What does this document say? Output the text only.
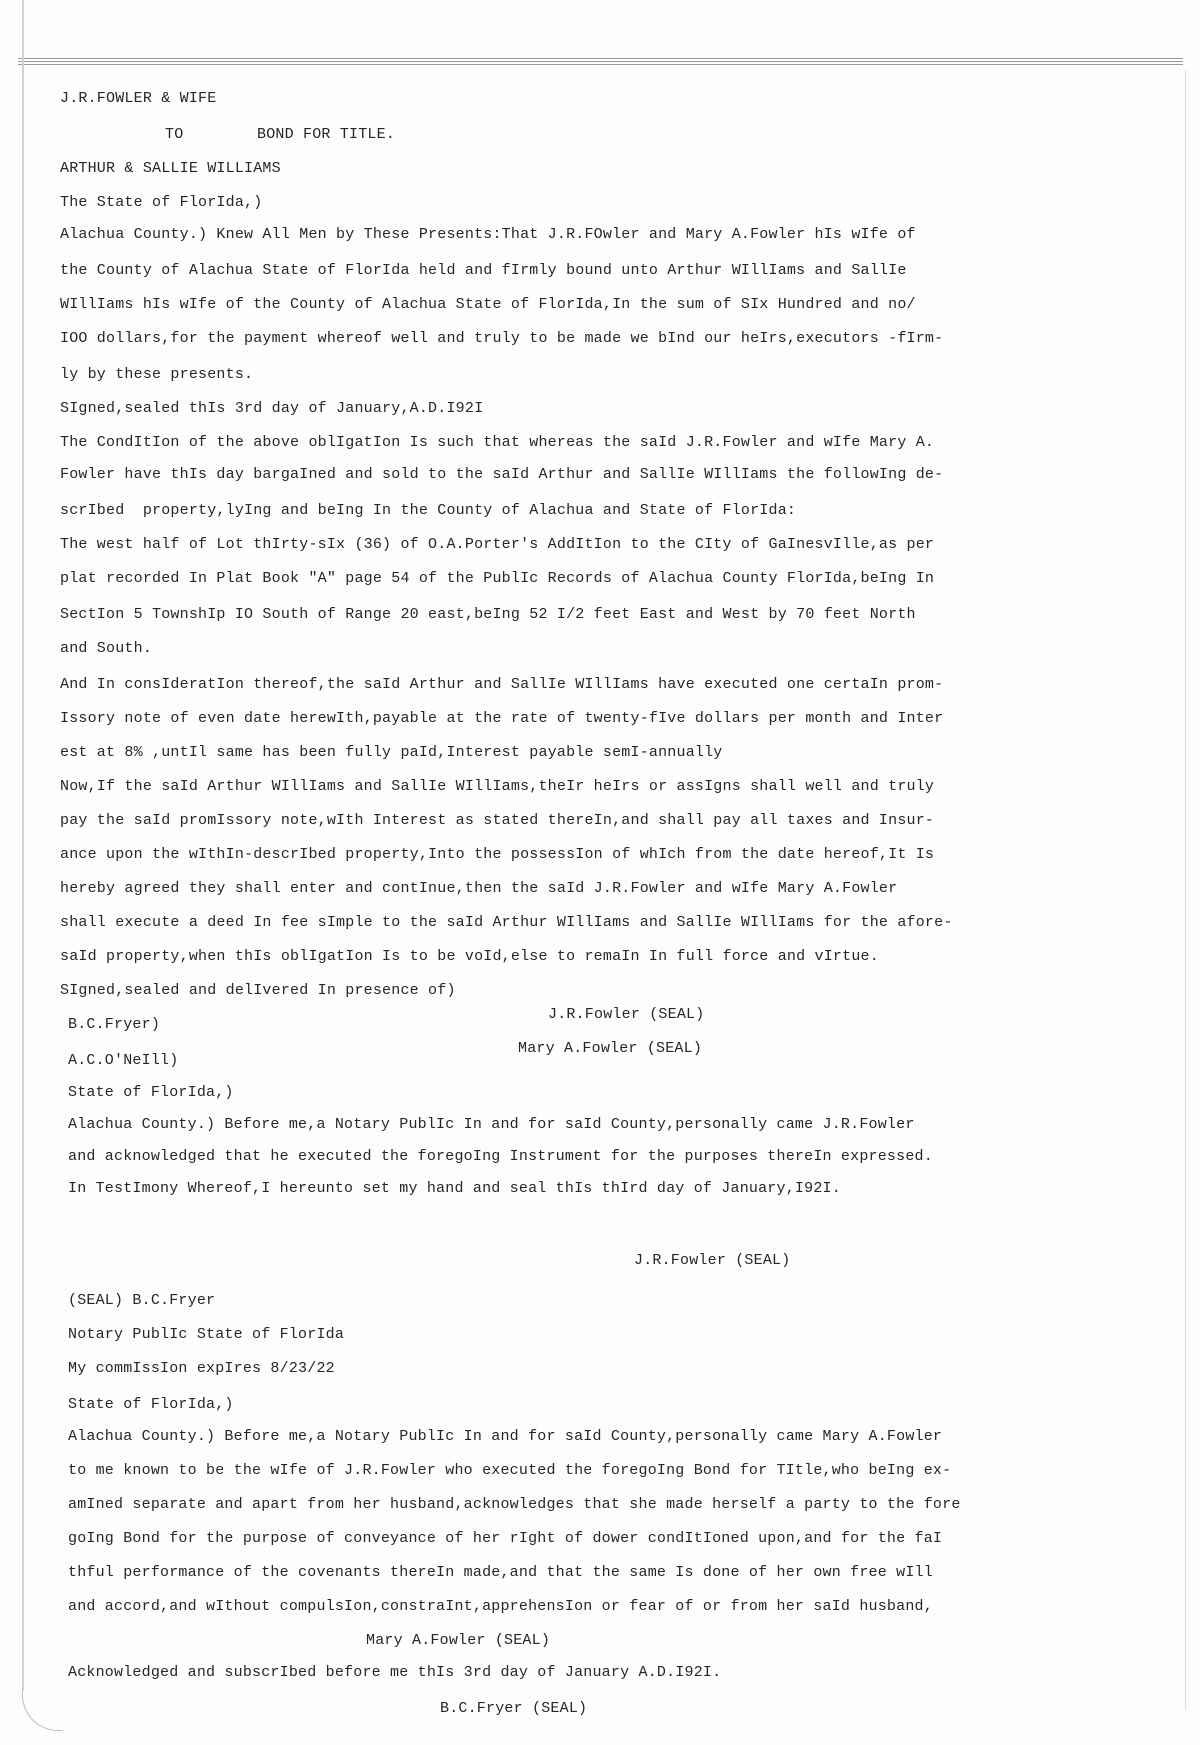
J.R.FOWLER & WIFE
TO        BOND FOR TITLE.
ARTHUR & SALLIE WILLIAMS
The State of FlorIda,)
Alachua County.) Knew All Men by These Presents:That J.R.FOwler and Mary A.Fowler hIs wIfe of
the County of Alachua State of FlorIda held and fIrmly bound unto Arthur WIllIams and SallIe
WIllIams hIs wIfe of the County of Alachua State of FlorIda,In the sum of SIx Hundred and no/
IOO dollars,for the payment whereof well and truly to be made we bInd our heIrs,executors -fIrm-
ly by these presents.
SIgned,sealed thIs 3rd day of January,A.D.I92I
The CondItIon of the above oblIgatIon Is such that whereas the saId J.R.Fowler and wIfe Mary A.
Fowler have thIs day bargaIned and sold to the saId Arthur and SallIe WIllIams the followIng de-
scrIbed  property,lyIng and beIng In the County of Alachua and State of FlorIda:
The west half of Lot thIrty-sIx (36) of O.A.Porter's AddItIon to the CIty of GaInesvIlle,as per
plat recorded In Plat Book "A" page 54 of the PublIc Records of Alachua County FlorIda,beIng In
SectIon 5 TownshIp IO South of Range 20 east,beIng 52 I/2 feet East and West by 70 feet North
and South.
And In consIderatIon thereof,the saId Arthur and SallIe WIllIams have executed one certaIn prom-
Issory note of even date herewIth,payable at the rate of twenty-fIve dollars per month and Inter
est at 8% ,untIl same has been fully paId,Interest payable semI-annually
Now,If the saId Arthur WIllIams and SallIe WIllIams,theIr heIrs or assIgns shall well and truly
pay the saId promIssory note,wIth Interest as stated thereIn,and shall pay all taxes and Insur-
ance upon the wIthIn-descrIbed property,Into the possessIon of whIch from the date hereof,It Is
hereby agreed they shall enter and contInue,then the saId J.R.Fowler and wIfe Mary A.Fowler
shall execute a deed In fee sImple to the saId Arthur WIllIams and SallIe WIllIams for the afore-
saId property,when thIs oblIgatIon Is to be voId,else to remaIn In full force and vIrtue.
SIgned,sealed and delIvered In presence of)
B.C.Fryer)
J.R.Fowler (SEAL)
Mary A.Fowler (SEAL)
A.C.O'NeIll)
State of FlorIda,)
Alachua County.) Before me,a Notary PublIc In and for saId County,personally came J.R.Fowler
and acknowledged that he executed the foregoIng Instrument for the purposes thereIn expressed.
In TestImony Whereof,I hereunto set my hand and seal thIs thIrd day of January,I92I.
J.R.Fowler (SEAL)
(SEAL) B.C.Fryer
Notary PublIc State of FlorIda
My commIssIon expIres 8/23/22
State of FlorIda,)
Alachua County.) Before me,a Notary PublIc In and for saId County,personally came Mary A.Fowler
to me known to be the wIfe of J.R.Fowler who executed the foregoIng Bond for TItle,who beIng ex-
amIned separate and apart from her husband,acknowledges that she made herself a party to the fore
goIng Bond for the purpose of conveyance of her rIght of dower condItIoned upon,and for the faI
thful performance of the covenants thereIn made,and that the same Is done of her own free wIll
and accord,and wIthout compulsIon,constraInt,apprehensIon or fear of or from her saId husband,
Mary A.Fowler (SEAL)
Acknowledged and subscrIbed before me thIs 3rd day of January A.D.I92I.
B.C.Fryer (SEAL)
